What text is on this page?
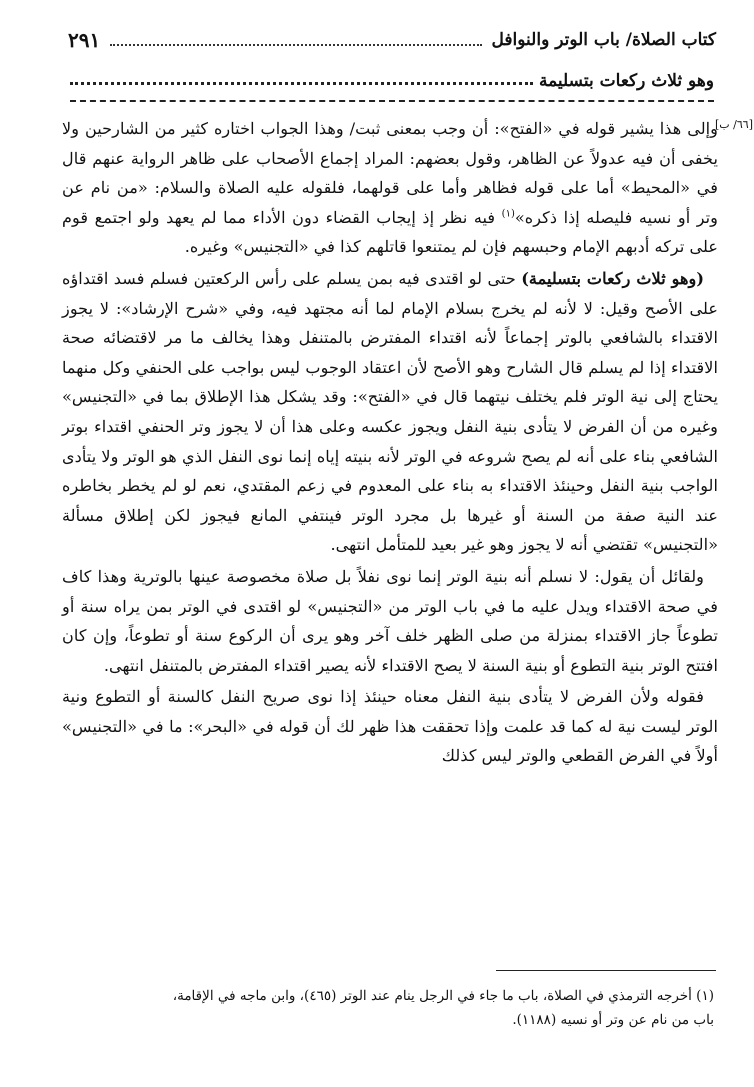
كتاب الصلاة/ باب الوتر والنوافل
٢٩١
وهو ثلاث ركعات بتسليمة
[٦٦/ ب]

وإلى هذا يشير قوله في «الفتح»: أن وجب بمعنى ثبت/ وهذا الجواب اختاره كثير من الشارحين ولا يخفى أن فيه عدولاً عن الظاهر، وقول بعضهم: المراد إجماع الأصحاب على ظاهر الرواية عنهم قال في «المحيط» أما على قوله فظاهر وأما على قولهما، فلقوله عليه الصلاة والسلام: «من نام عن وتر أو نسيه فليصله إذا ذكره»$^{(١)}$ فيه نظر إذ إيجاب القضاء دون الأداء مما لم يعهد ولو اجتمع قوم على تركه أدبهم الإمام وحبسهم فإن لم يمتنعوا قاتلهم كذا في «التجنيس» وغيره.

(وهو ثلاث ركعات بتسليمة) حتى لو اقتدى فيه بمن يسلم على رأس الركعتين فسلم فسد اقتداؤه على الأصح وقيل: لا لأنه لم يخرج بسلام الإمام لما أنه مجتهد فيه، وفي «شرح الإرشاد»: لا يجوز الاقتداء بالشافعي بالوتر إجماعاً لأنه اقتداء المفترض بالمتنفل وهذا يخالف ما مر لاقتضائه صحة الاقتداء إذا لم يسلم قال الشارح وهو الأصح لأن اعتقاد الوجوب ليس بواجب على الحنفي وكل منهما يحتاج إلى نية الوتر فلم يختلف نيتهما قال في «الفتح»: وقد يشكل هذا الإطلاق بما في «التجنيس» وغيره من أن الفرض لا يتأدى بنية النفل ويجوز عكسه وعلى هذا أن لا يجوز وتر الحنفي اقتداء بوتر الشافعي بناء على أنه لم يصح شروعه في الوتر لأنه بنيته إياه إنما نوى النفل الذي هو الوتر ولا يتأدى الواجب بنية النفل وحينئذ الاقتداء به بناء على المعدوم في زعم المقتدي، نعم لو لم يخطر بخاطره عند النية صفة من السنة أو غيرها بل مجرد الوتر فينتفي المانع فيجوز لكن إطلاق مسألة «التجنيس» تقتضي أنه لا يجوز وهو غير بعيد للمتأمل انتهى.

ولقائل أن يقول: لا نسلم أنه بنية الوتر إنما نوى نفلاً بل صلاة مخصوصة عينها بالوترية وهذا كاف في صحة الاقتداء ويدل عليه ما في باب الوتر من «التجنيس» لو اقتدى في الوتر بمن يراه سنة أو تطوعاً جاز الاقتداء بمنزلة من صلى الظهر خلف آخر وهو يرى أن الركوع سنة أو تطوعاً، وإن كان افتتح الوتر بنية التطوع أو بنية السنة لا يصح الاقتداء لأنه يصير اقتداء المفترض بالمتنفل انتهى.

فقوله ولأن الفرض لا يتأدى بنية النفل معناه حينئذ إذا نوى صريح النفل كالسنة أو التطوع ونية الوتر ليست نية له كما قد علمت وإذا تحققت هذا ظهر لك أن قوله في «البحر»: ما في «التجنيس» أولاً في الفرض القطعي والوتر ليس كذلك

(١) أخرجه الترمذي في الصلاة، باب ما جاء في الرجل ينام عند الوتر (٤٦٥)، وابن ماجه في الإقامة،

باب من نام عن وتر أو نسيه (١١٨٨).
